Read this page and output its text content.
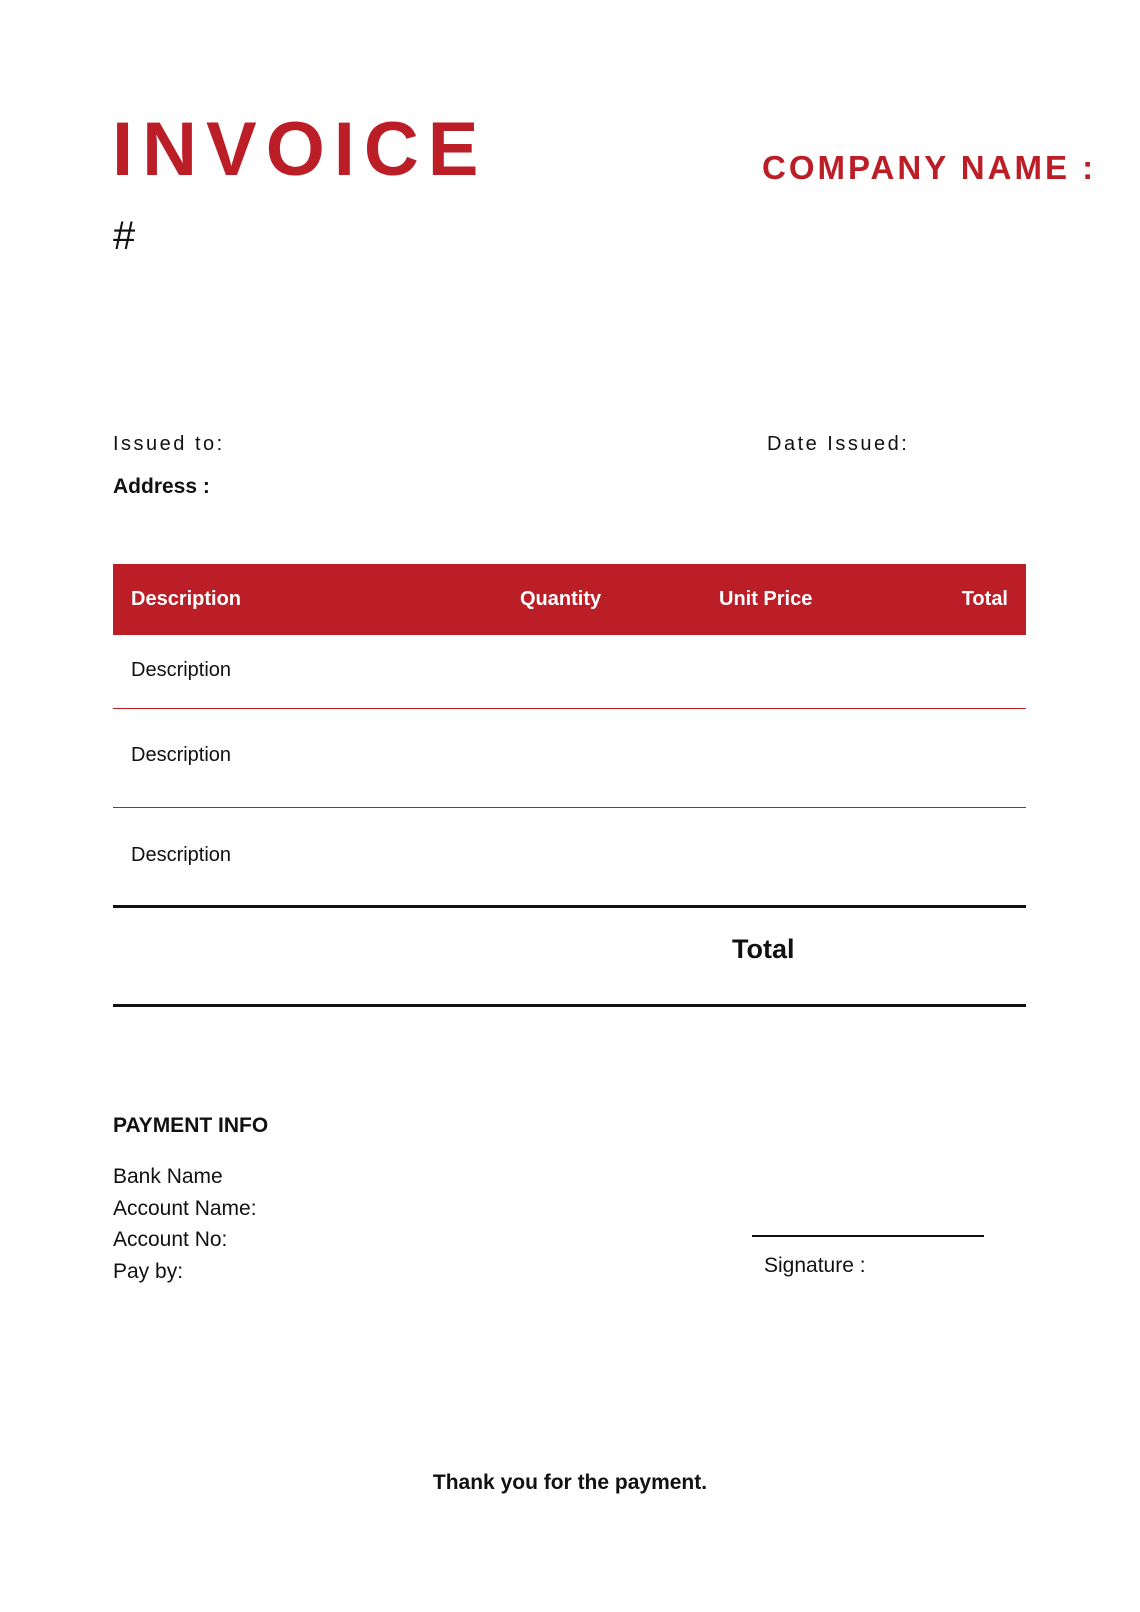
INVOICE
#
COMPANY NAME :
Issued to:	Date Issued:
Address :
Description	Quantity	Unit Price	Total
Description
Description
Description
Total
PAYMENT INFO
Bank Name
Account Name:
Account No:
Pay by:	Signature :
Thank you for the payment.
